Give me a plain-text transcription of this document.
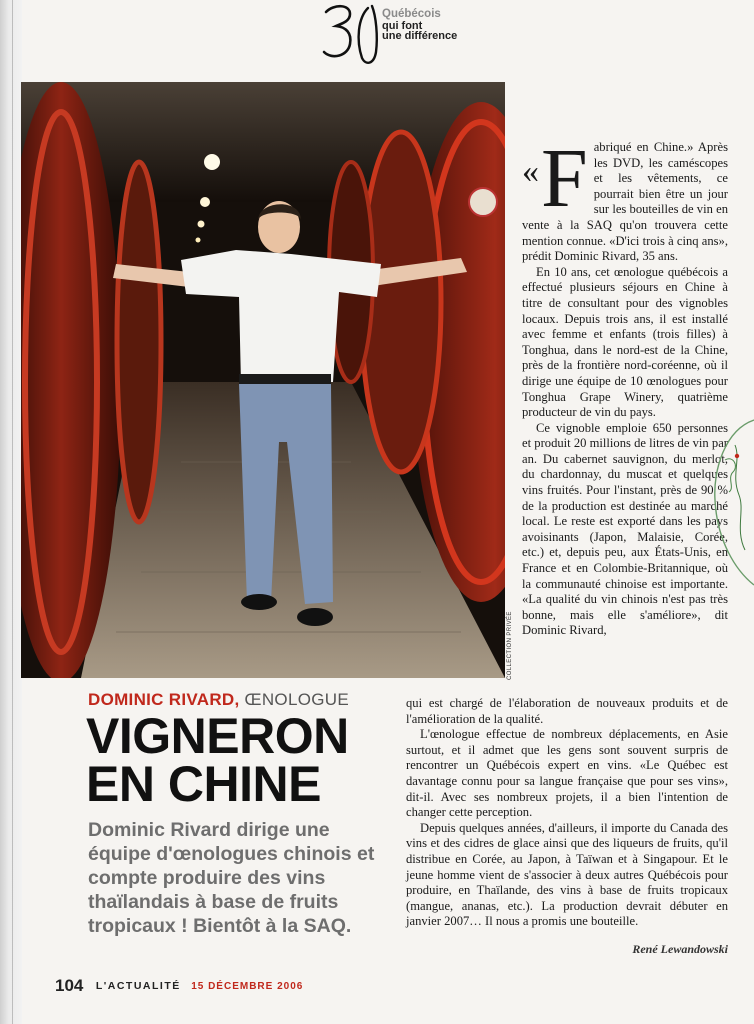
Québécois
qui font
une différence
COLLECTION PRIVÉE
« F abriqué en Chine.» Après les DVD, les caméscopes et les vêtements, ce pourrait bien être un jour sur les bouteilles de vin en vente à la SAQ qu'on trouvera cette mention connue. «D'ici trois à cinq ans», prédit Dominic Rivard, 35 ans.

En 10 ans, cet œnologue québécois a effectué plusieurs séjours en Chine à titre de consultant pour des vignobles locaux. Depuis trois ans, il est installé avec femme et enfants (trois filles) à Tonghua, dans le nord-est de la Chine, près de la frontière nord-coréenne, où il dirige une équipe de 10 œnologues pour Tonghua Grape Winery, quatrième producteur de vin du pays.

Ce vignoble emploie 650 personnes et produit 20 millions de litres de vin par an. Du cabernet sauvignon, du merlot, du chardonnay, du muscat et quelques vins fruités. Pour l'instant, près de 90 % de la production est destinée au marché local. Le reste est exporté dans les pays avoisinants (Japon, Malaisie, Corée, etc.) et, depuis peu, aux États-Unis, en France et en Colombie-Britannique, où la communauté chinoise est importante. «La qualité du vin chinois n'est pas très bonne, mais elle s'améliore», dit Dominic Rivard,

DOMINIC RIVARD, ŒNOLOGUE
VIGNERON
EN CHINE
Dominic Rivard dirige une équipe d'œnologues chinois et compte produire des vins thaïlandais à base de fruits tropicaux ! Bientôt à la SAQ.

qui est chargé de l'élaboration de nouveaux produits et de l'amélioration de la qualité.

L'œnologue effectue de nombreux déplacements, en Asie surtout, et il admet que les gens sont souvent surpris de rencontrer un Québécois expert en vins. «Le Québec est davantage connu pour sa langue française que pour ses vins», dit-il. Avec ses nombreux projets, il a bien l'intention de changer cette perception.

Depuis quelques années, d'ailleurs, il importe du Canada des vins et des cidres de glace ainsi que des liqueurs de fruits, qu'il distribue en Corée, au Japon, à Taïwan et à Singapour. Et le jeune homme vient de s'associer à deux autres Québécois pour produire, en Thaïlande, des vins à base de fruits tropicaux (mangue, ananas, etc.). La production devrait débuter en janvier 2007… Il nous a promis une bouteille.

René Lewandowski
104 L'ACTUALITÉ 15 DÉCEMBRE 2006
